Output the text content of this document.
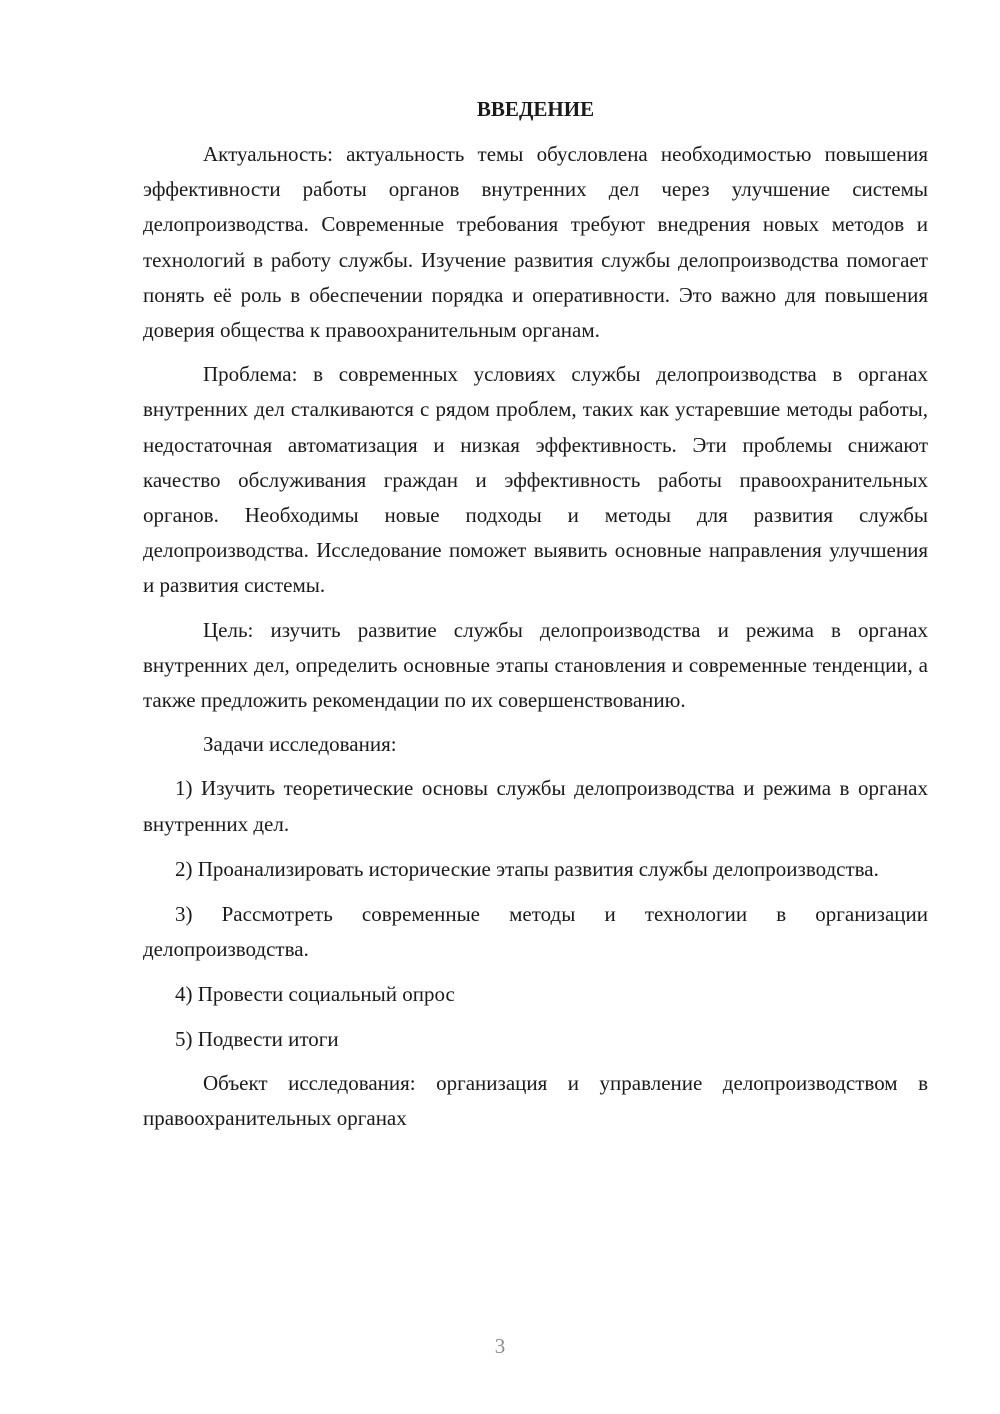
ВВЕДЕНИЕ

Актуальность: актуальность темы обусловлена необходимостью повышения эффективности работы органов внутренних дел через улучшение системы делопроизводства. Современные требования требуют внедрения новых методов и технологий в работу службы. Изучение развития службы делопроизводства помогает понять её роль в обеспечении порядка и оперативности. Это важно для повышения доверия общества к правоохранительным органам.

Проблема: в современных условиях службы делопроизводства в органах внутренних дел сталкиваются с рядом проблем, таких как устаревшие методы работы, недостаточная автоматизация и низкая эффективность. Эти проблемы снижают качество обслуживания граждан и эффективность работы правоохранительных органов. Необходимы новые подходы и методы для развития службы делопроизводства. Исследование поможет выявить основные направления улучшения и развития системы.

Цель: изучить развитие службы делопроизводства и режима в органах внутренних дел, определить основные этапы становления и современные тенденции, а также предложить рекомендации по их совершенствованию.

Задачи исследования:

1) Изучить теоретические основы службы делопроизводства и режима в органах внутренних дел.

2) Проанализировать исторические этапы развития службы делопроизводства.

3) Рассмотреть современные методы и технологии в организации делопроизводства.

4) Провести социальный опрос

5) Подвести итоги

Объект исследования: организация и управление делопроизводством в правоохранительных органах

3
